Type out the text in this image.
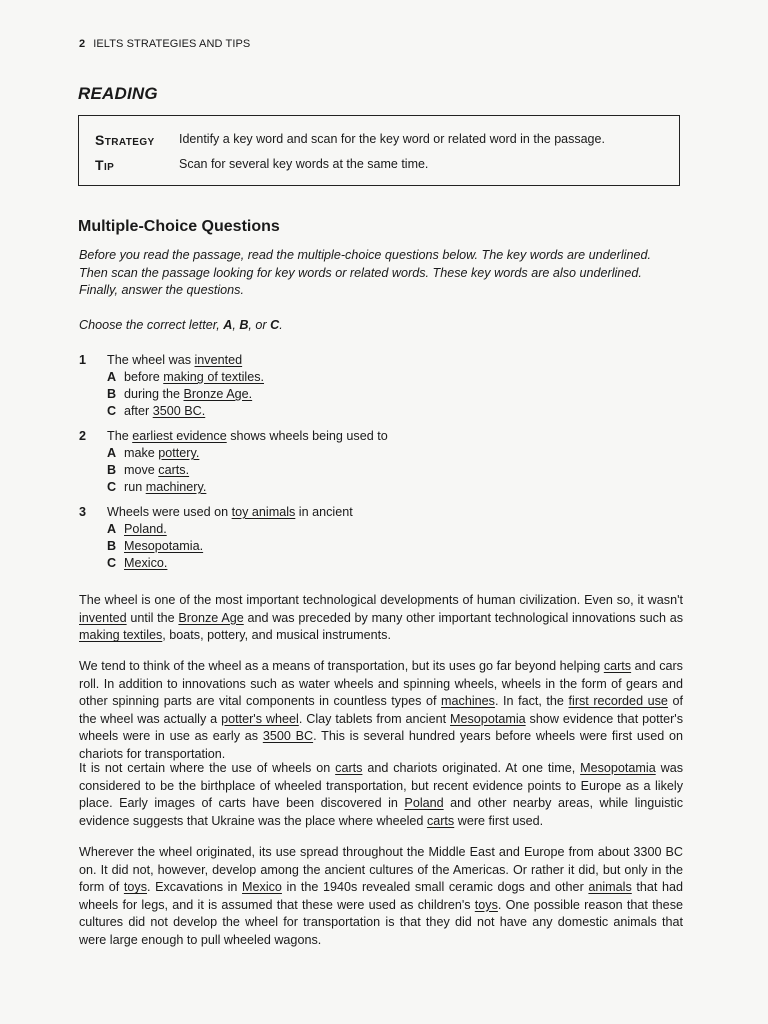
2 IELTS STRATEGIES AND TIPS
READING
Strategy	Identify a key word and scan for the key word or related word in the passage.
Tip	Scan for several key words at the same time.
Multiple-Choice Questions
Before you read the passage, read the multiple-choice questions below. The key words are underlined. Then scan the passage looking for key words or related words. These key words are also underlined. Finally, answer the questions.
Choose the correct letter, A, B, or C.
1 The wheel was invented
A before making of textiles.
B during the Bronze Age.
C after 3500 BC.
2 The earliest evidence shows wheels being used to
A make pottery.
B move carts.
C run machinery.
3 Wheels were used on toy animals in ancient
A Poland.
B Mesopotamia.
C Mexico.
The wheel is one of the most important technological developments of human civilization. Even so, it wasn't invented until the Bronze Age and was preceded by many other important technological innovations such as making textiles, boats, pottery, and musical instruments.
We tend to think of the wheel as a means of transportation, but its uses go far beyond helping carts and cars roll. In addition to innovations such as water wheels and spinning wheels, wheels in the form of gears and other spinning parts are vital components in countless types of machines. In fact, the first recorded use of the wheel was actually a potter's wheel. Clay tablets from ancient Mesopotamia show evidence that potter's wheels were in use as early as 3500 BC. This is several hundred years before wheels were first used on chariots for transportation.
It is not certain where the use of wheels on carts and chariots originated. At one time, Mesopotamia was considered to be the birthplace of wheeled transportation, but recent evidence points to Europe as a likely place. Early images of carts have been discovered in Poland and other nearby areas, while linguistic evidence suggests that Ukraine was the place where wheeled carts were first used.
Wherever the wheel originated, its use spread throughout the Middle East and Europe from about 3300 BC on. It did not, however, develop among the ancient cultures of the Americas. Or rather it did, but only in the form of toys. Excavations in Mexico in the 1940s revealed small ceramic dogs and other animals that had wheels for legs, and it is assumed that these were used as children's toys. One possible reason that these cultures did not develop the wheel for transportation is that they did not have any domestic animals that were large enough to pull wheeled wagons.
